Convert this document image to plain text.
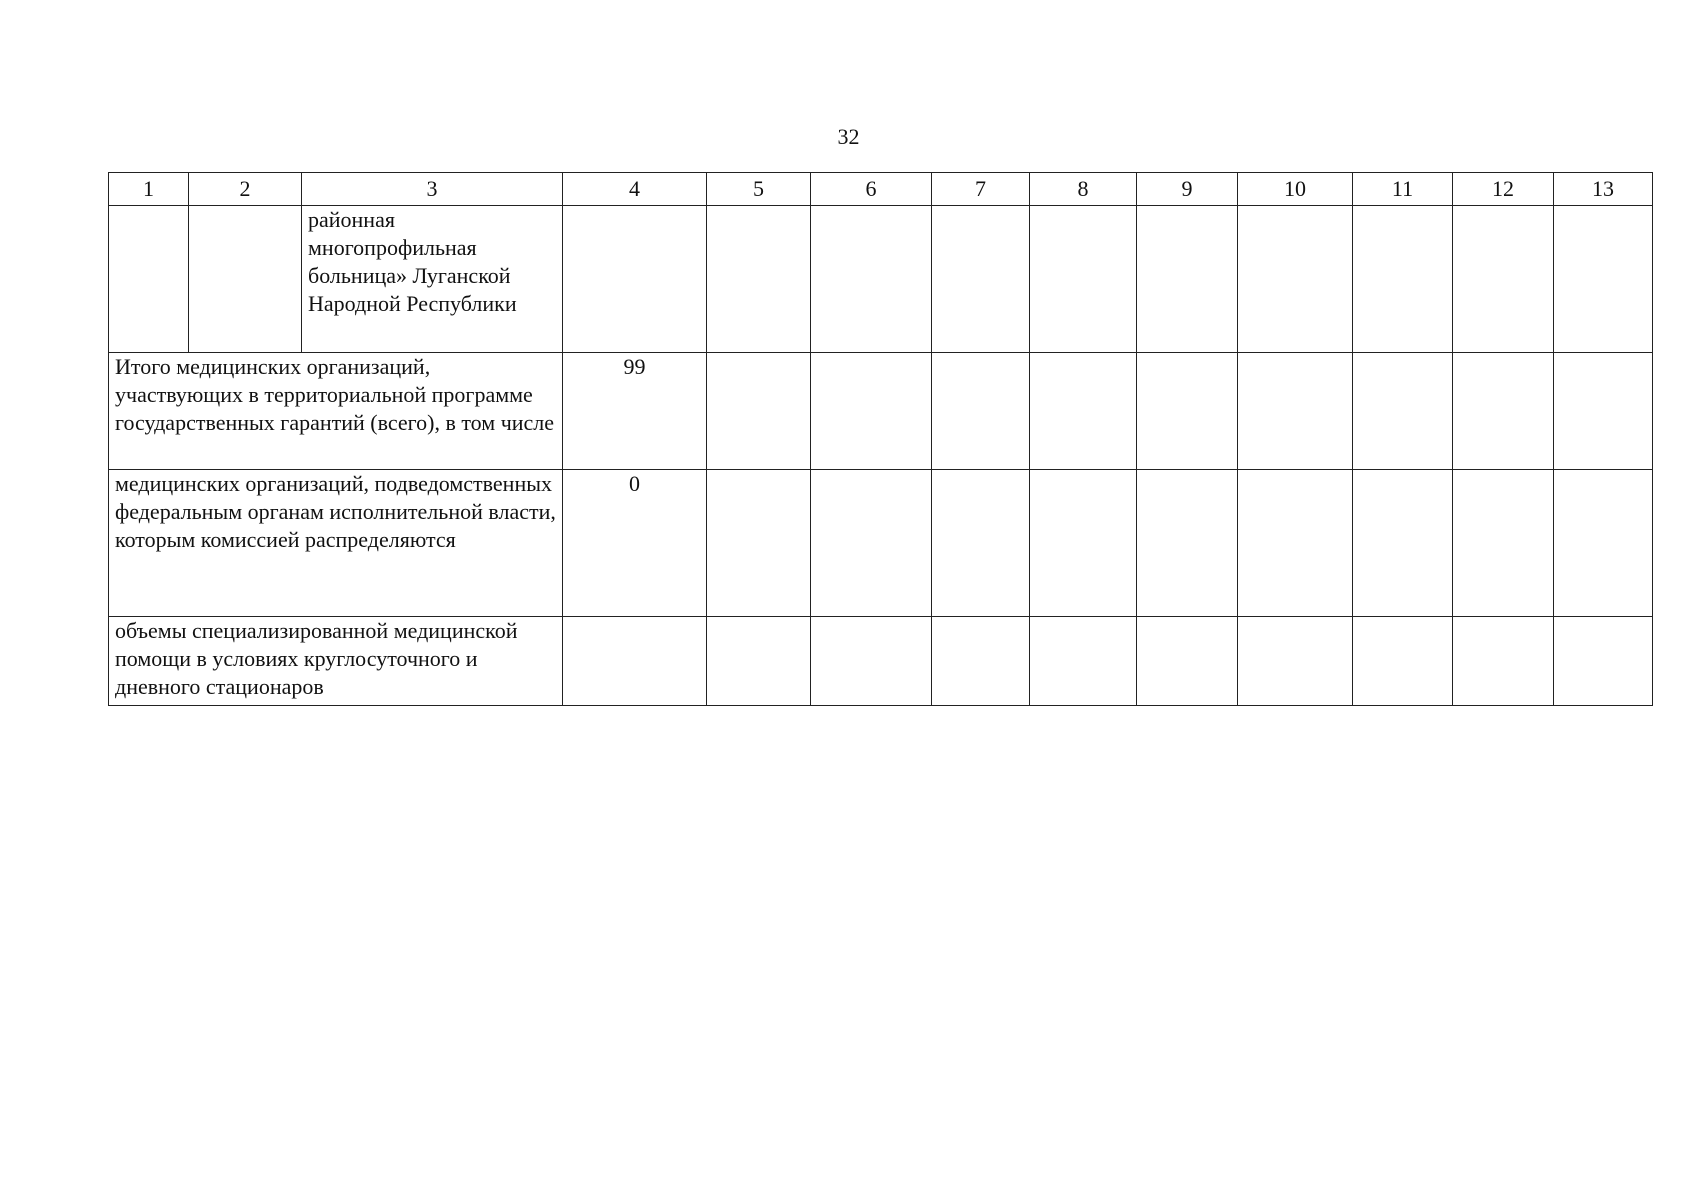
32
1	2	3	4	5	6	7	8	9	10	11	12	13
		районная многопрофильная больница» Луганской Народной Республики										
Итого медицинских организаций, участвующих в территориальной программе государственных гарантий (всего), в том числе			99									
медицинских организаций, подведомственных федеральным органам исполнительной власти, которым комиссией распределяются			0									
объемы специализированной медицинской помощи в условиях круглосуточного и дневного стационаров												
